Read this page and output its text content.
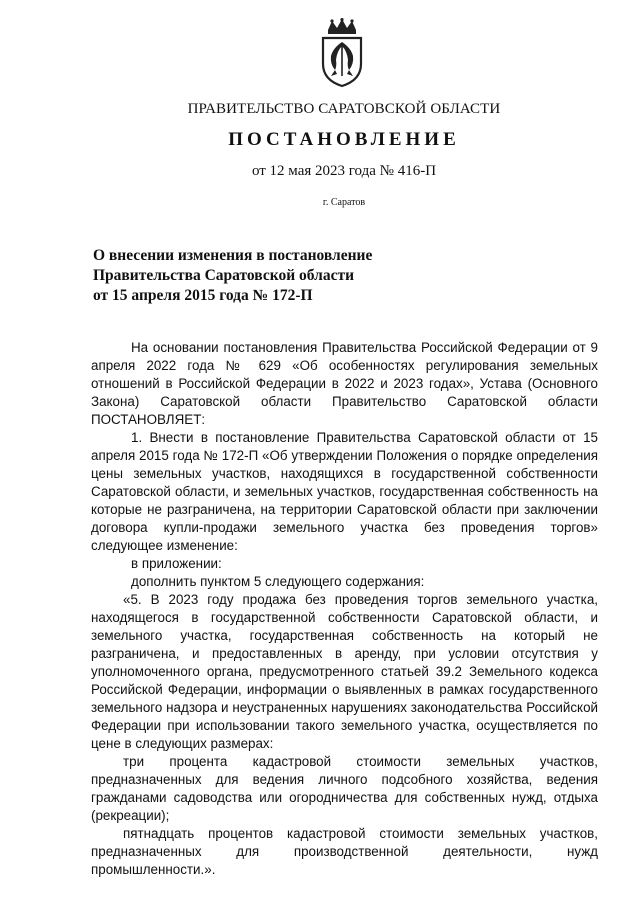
ПРАВИТЕЛЬСТВО САРАТОВСКОЙ ОБЛАСТИ
ПОСТАНОВЛЕНИЕ
от 12 мая 2023 года № 416-П
г. Саратов
О внесении изменения в постановление
Правительства Саратовской области
от 15 апреля 2015 года № 172-П

На основании постановления Правительства Российской Федерации от 9 апреля 2022 года № 629 «Об особенностях регулирования земельных отношений в Российской Федерации в 2022 и 2023 годах», Устава (Основного Закона) Саратовской области Правительство Саратовской области ПОСТАНОВЛЯЕТ:

1. Внести в постановление Правительства Саратовской области от 15 апреля 2015 года № 172-П «Об утверждении Положения о порядке определения цены земельных участков, находящихся в государственной собственности Саратовской области, и земельных участков, государственная собственность на которые не разграничена, на территории Саратовской области при заключении договора купли-продажи земельного участка без проведения торгов» следующее изменение:

в приложении:

дополнить пунктом 5 следующего содержания:

«5. В 2023 году продажа без проведения торгов земельного участка, находящегося в государственной собственности Саратовской области, и земельного участка, государственная собственность на который не разграничена, и предоставленных в аренду, при условии отсутствия у уполномоченного органа, предусмотренного статьей 39.2 Земельного кодекса Российской Федерации, информации о выявленных в рамках государственного земельного надзора и неустраненных нарушениях законодательства Российской Федерации при использовании такого земельного участка, осуществляется по цене в следующих размерах:

три процента кадастровой стоимости земельных участков, предназначенных для ведения личного подсобного хозяйства, ведения гражданами садоводства или огородничества для собственных нужд, отдыха (рекреации);

пятнадцать процентов кадастровой стоимости земельных участков, предназначенных для производственной деятельности, нужд промышленности.».
